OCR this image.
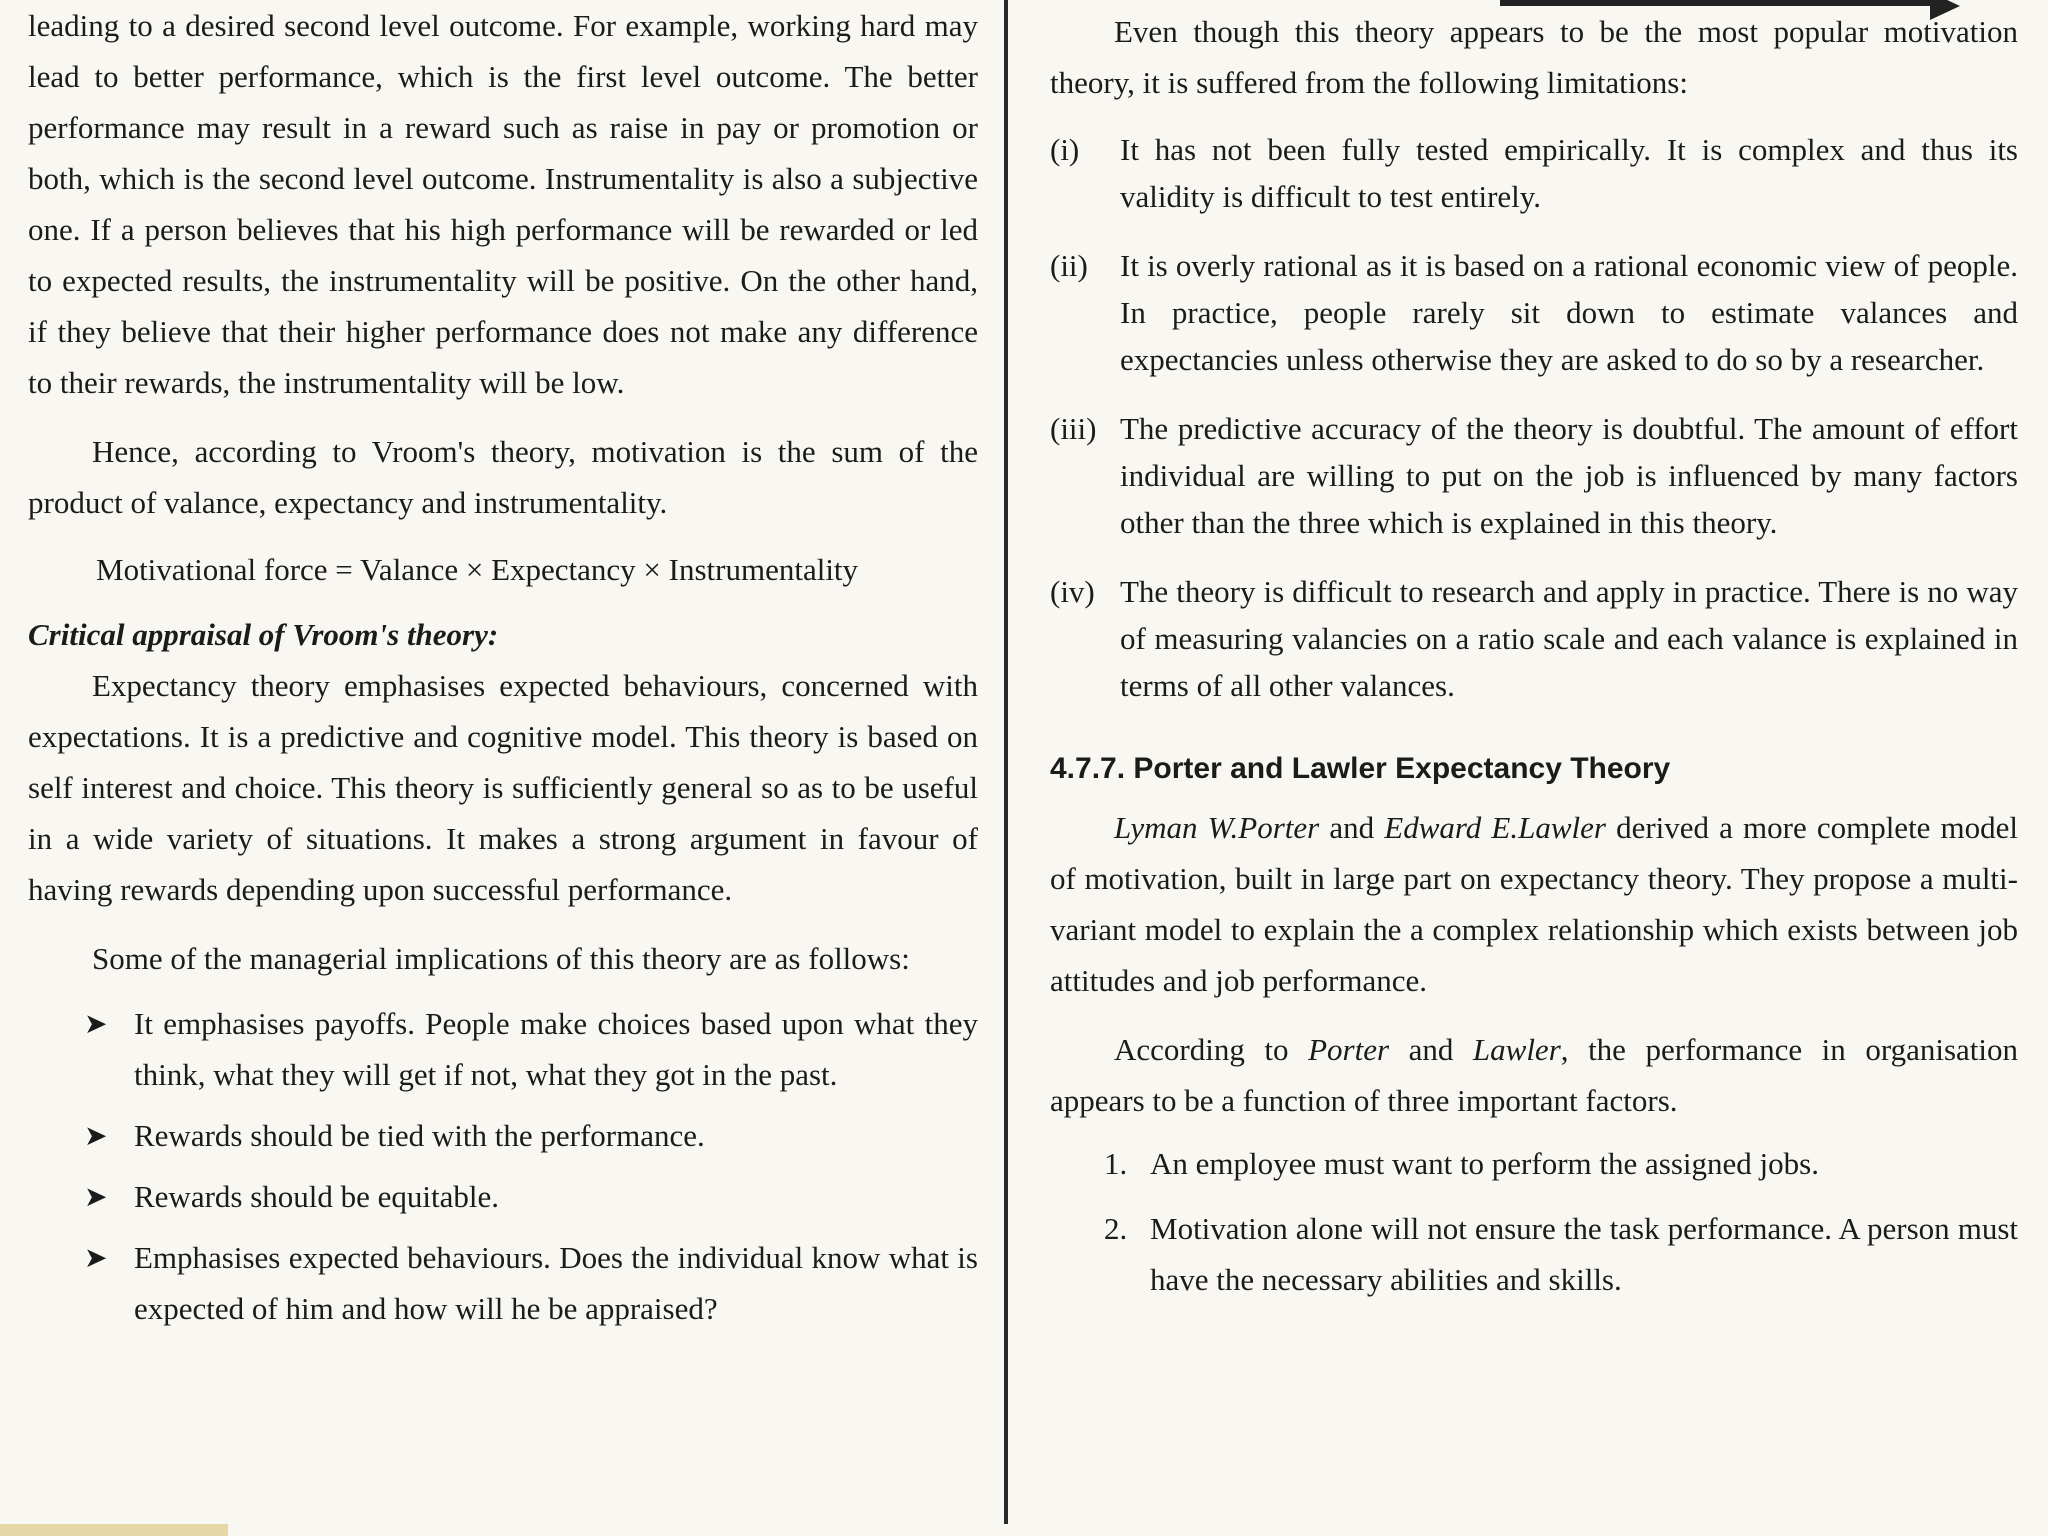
leading to a desired second level outcome. For example, working hard may lead to better performance, which is the first level outcome. The better performance may result in a reward such as raise in pay or promotion or both, which is the second level outcome. Instrumentality is also a subjective one. If a person believes that his high performance will be rewarded or led to expected results, the instrumentality will be positive. On the other hand, if they believe that their higher performance does not make any difference to their rewards, the instrumentality will be low.

Hence, according to Vroom's theory, motivation is the sum of the product of valance, expectancy and instrumentality.

Motivational force = Valance × Expectancy × Instrumentality
Critical appraisal of Vroom's theory:

Expectancy theory emphasises expected behaviours, concerned with expectations. It is a predictive and cognitive model. This theory is based on self interest and choice. This theory is sufficiently general so as to be useful in a wide variety of situations. It makes a strong argument in favour of having rewards depending upon successful performance.

Some of the managerial implications of this theory are as follows:

➤ It emphasises payoffs. People make choices based upon what they think, what they will get if not, what they got in the past.
➤ Rewards should be tied with the performance.
➤ Rewards should be equitable.
➤ Emphasises expected behaviours. Does the individual know what is expected of him and how will he be appraised?

Even though this theory appears to be the most popular motivation theory, it is suffered from the following limitations:

(i) It has not been fully tested empirically. It is complex and thus its validity is difficult to test entirely.
(ii) It is overly rational as it is based on a rational economic view of people. In practice, people rarely sit down to estimate valances and expectancies unless otherwise they are asked to do so by a researcher.
(iii) The predictive accuracy of the theory is doubtful. The amount of effort individual are willing to put on the job is influenced by many factors other than the three which is explained in this theory.
(iv) The theory is difficult to research and apply in practice. There is no way of measuring valancies on a ratio scale and each valance is explained in terms of all other valances.
4.7.7. Porter and Lawler Expectancy Theory

Lyman W.Porter and Edward E.Lawler derived a more complete model of motivation, built in large part on expectancy theory. They propose a multi-variant model to explain the a complex relationship which exists between job attitudes and job performance.

According to Porter and Lawler, the performance in organisation appears to be a function of three important factors.

1. An employee must want to perform the assigned jobs.
2. Motivation alone will not ensure the task performance. A person must have the necessary abilities and skills.
